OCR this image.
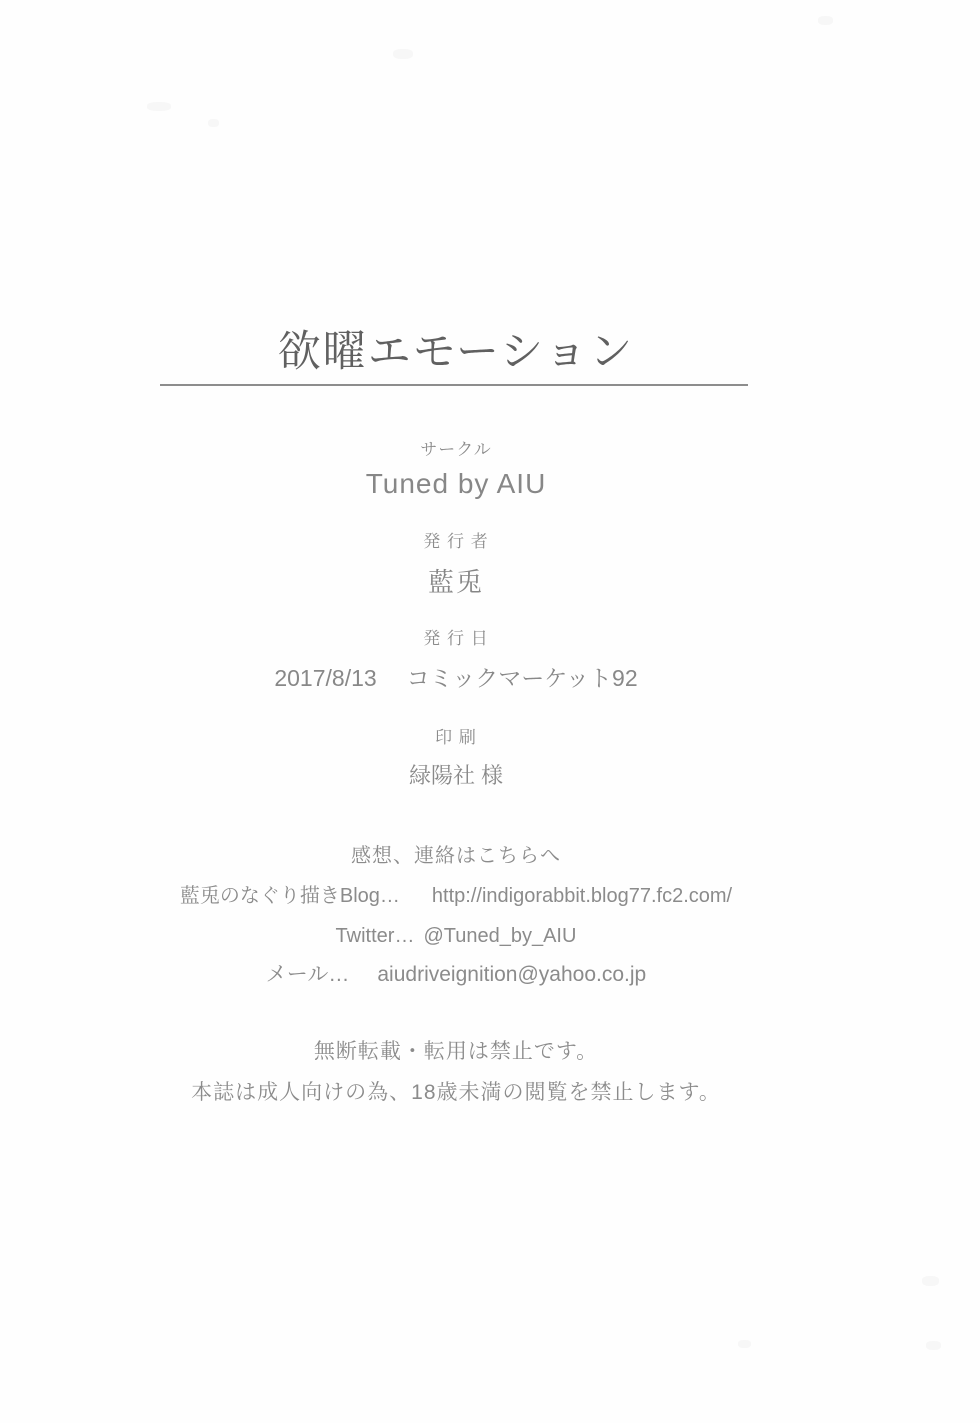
欲曜エモーション
サークル
Tuned by AIU
発 行 者
藍兎
発 行 日
2017/8/13 コミックマーケット92
印 刷
緑陽社 様
感想、連絡はこちらへ
藍兎のなぐり描きBlog… http://indigorabbit.blog77.fc2.com/
Twitter… @Tuned_by_AIU
メール… aiudriveignition@yahoo.co.jp
無断転載・転用は禁止です。
本誌は成人向けの為、18歳未満の閲覧を禁止します。
